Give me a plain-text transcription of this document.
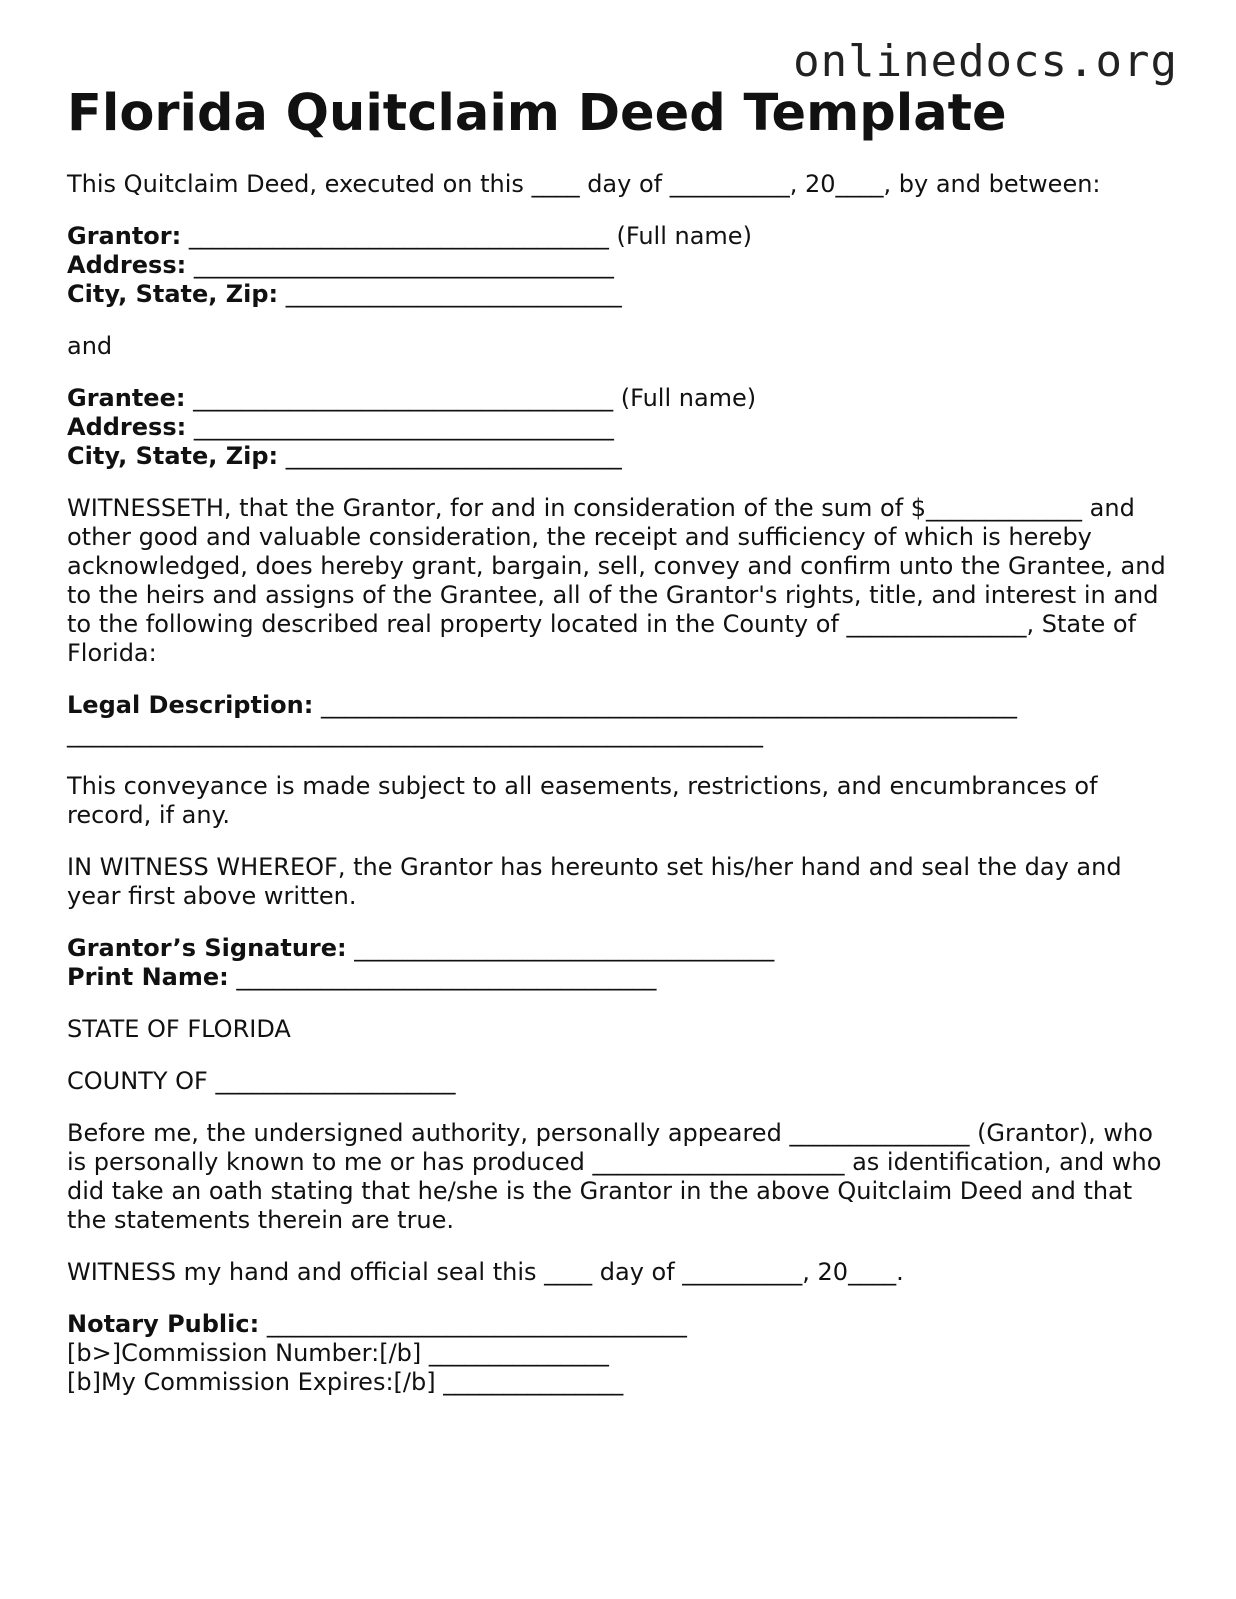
onlinedocs.org
Florida Quitclaim Deed Template

This Quitclaim Deed, executed on this ____ day of __________, 20____, by and between:

Grantor: ___________________________________ (Full name)
Address: ___________________________________
City, State, Zip: ____________________________

and

Grantee: ___________________________________ (Full name)
Address: ___________________________________
City, State, Zip: ____________________________

WITNESSETH, that the Grantor, for and in consideration of the sum of $_____________ and other good and valuable consideration, the receipt and sufficiency of which is hereby acknowledged, does hereby grant, bargain, sell, convey and confirm unto the Grantee, and to the heirs and assigns of the Grantee, all of the Grantor's rights, title, and interest in and to the following described real property located in the County of _______________, State of Florida:

Legal Description: __________________________________________________________
__________________________________________________________

This conveyance is made subject to all easements, restrictions, and encumbrances of record, if any.

IN WITNESS WHEREOF, the Grantor has hereunto set his/her hand and seal the day and year first above written.

Grantor’s Signature: ___________________________________
Print Name: ___________________________________

STATE OF FLORIDA

COUNTY OF ____________________

Before me, the undersigned authority, personally appeared _______________ (Grantor), who is personally known to me or has produced _____________________ as identification, and who did take an oath stating that he/she is the Grantor in the above Quitclaim Deed and that the statements therein are true.

WITNESS my hand and official seal this ____ day of __________, 20____.

Notary Public: ___________________________________
[b>]Commission Number:[/b] _______________
[b]My Commission Expires:[/b] _______________
